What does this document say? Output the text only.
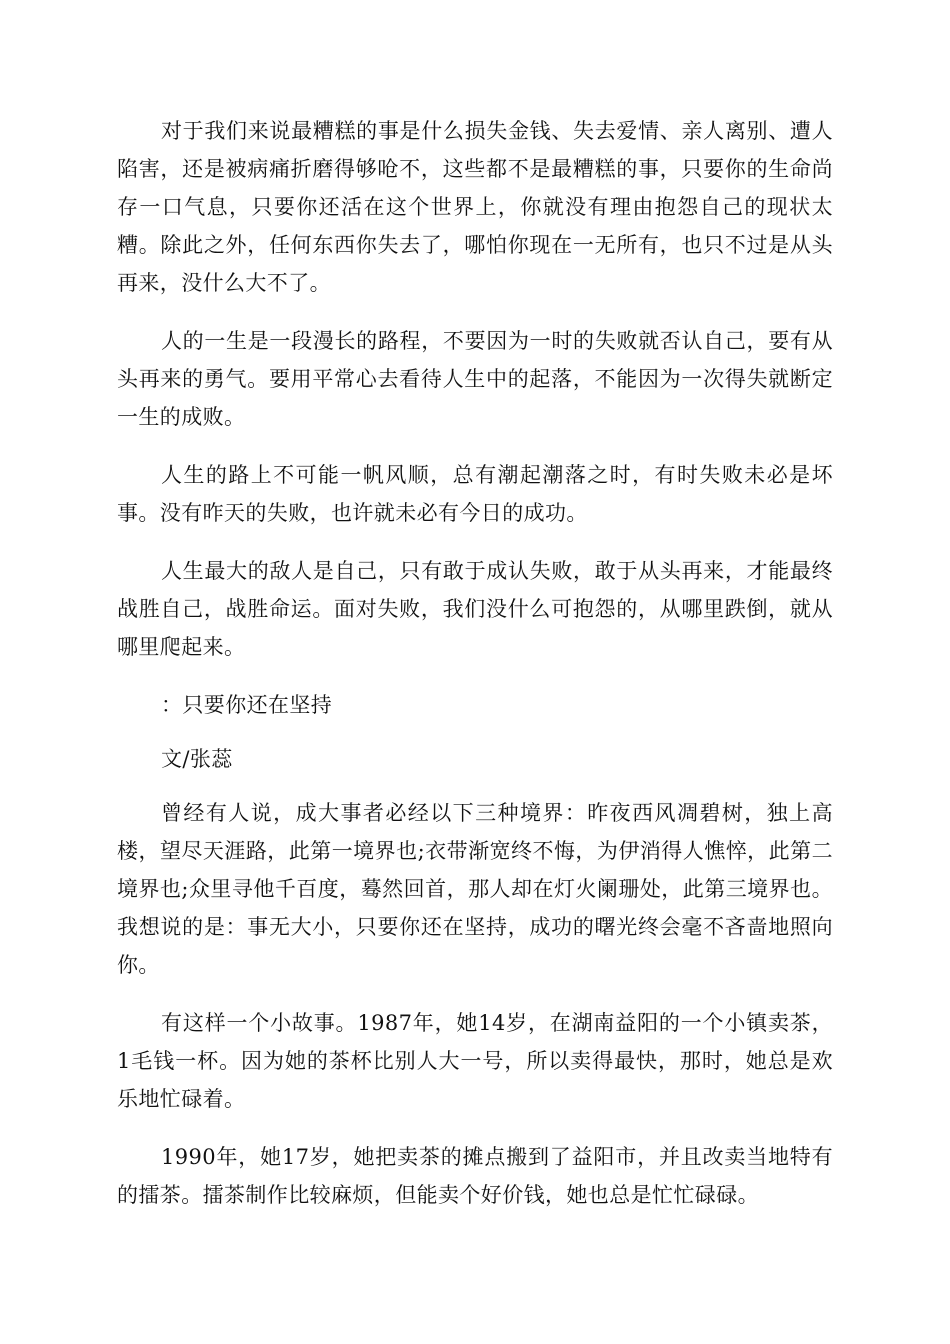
对于我们来说最糟糕的事是什么损失金钱、失去爱情、亲人离别、遭人陷害，还是被病痛折磨得够呛不，这些都不是最糟糕的事，只要你的生命尚存一口气息，只要你还活在这个世界上，你就没有理由抱怨自己的现状太糟。除此之外，任何东西你失去了，哪怕你现在一无所有，也只不过是从头再来，没什么大不了。

人的一生是一段漫长的路程，不要因为一时的失败就否认自己，要有从头再来的勇气。要用平常心去看待人生中的起落，不能因为一次得失就断定一生的成败。

人生的路上不可能一帆风顺，总有潮起潮落之时，有时失败未必是坏事。没有昨天的失败，也许就未必有今日的成功。

人生最大的敌人是自己，只有敢于成认失败，敢于从头再来，才能最终战胜自己，战胜命运。面对失败，我们没什么可抱怨的，从哪里跌倒，就从哪里爬起来。

：只要你还在坚持

文/张蕊

曾经有人说，成大事者必经以下三种境界：昨夜西风凋碧树，独上高楼，望尽天涯路，此第一境界也;衣带渐宽终不悔，为伊消得人憔悴，此第二境界也;众里寻他千百度，蓦然回首，那人却在灯火阑珊处，此第三境界也。我想说的是：事无大小，只要你还在坚持，成功的曙光终会毫不吝啬地照向你。

有这样一个小故事。1987年，她14岁，在湖南益阳的一个小镇卖茶，1毛钱一杯。因为她的茶杯比别人大一号，所以卖得最快，那时，她总是欢乐地忙碌着。

1990年，她17岁，她把卖茶的摊点搬到了益阳市，并且改卖当地特有的擂茶。擂茶制作比较麻烦，但能卖个好价钱，她也总是忙忙碌碌。
